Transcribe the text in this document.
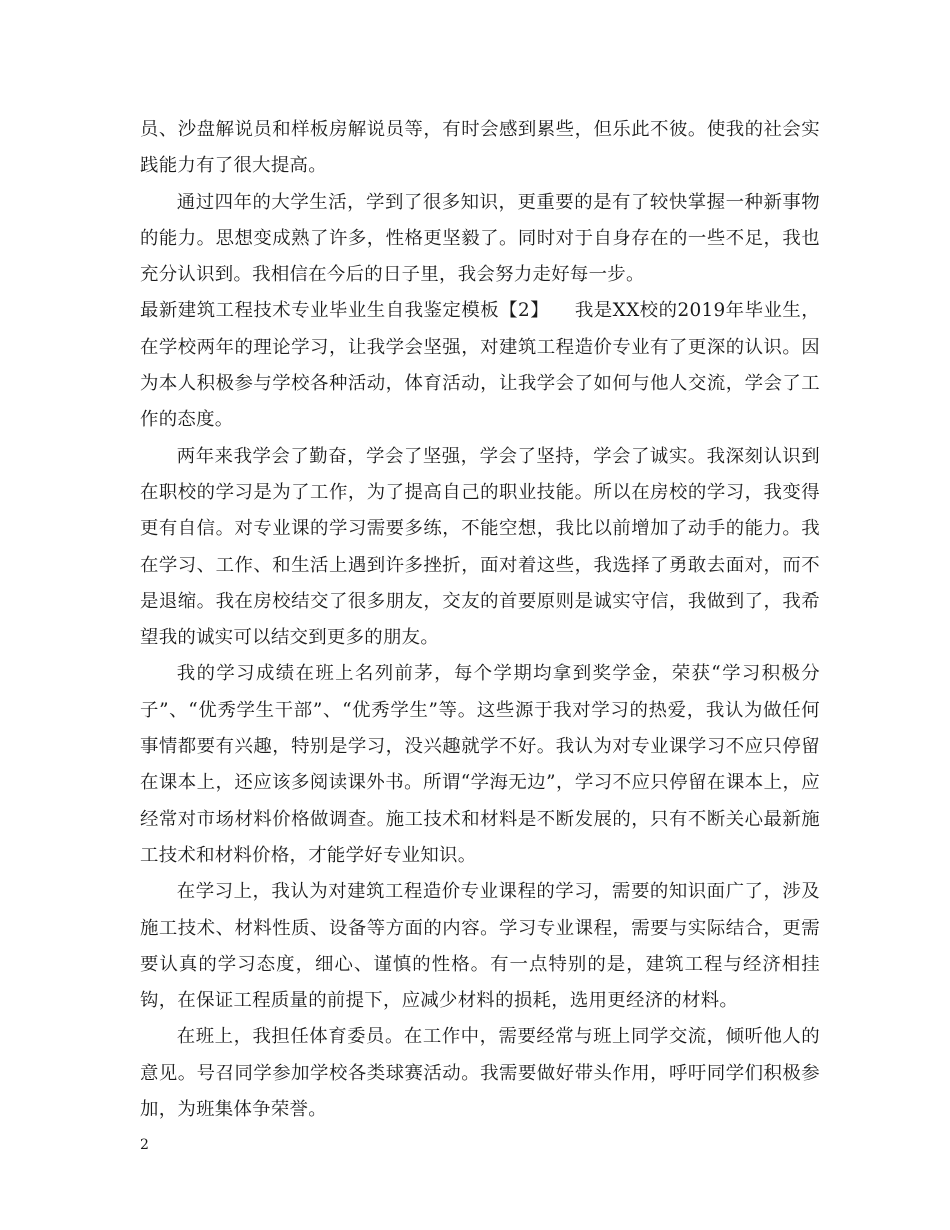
员、沙盘解说员和样板房解说员等，有时会感到累些，但乐此不彼。使我的社会实践能力有了很大提高。

通过四年的大学生活，学到了很多知识，更重要的是有了较快掌握一种新事物的能力。思想变成熟了许多，性格更坚毅了。同时对于自身存在的一些不足，我也充分认识到。我相信在今后的日子里，我会努力走好每一步。

最新建筑工程技术专业毕业生自我鉴定模板【2】 我是XX校的2019年毕业生，在学校两年的理论学习，让我学会坚强，对建筑工程造价专业有了更深的认识。因为本人积极参与学校各种活动，体育活动，让我学会了如何与他人交流，学会了工作的态度。

两年来我学会了勤奋，学会了坚强，学会了坚持，学会了诚实。我深刻认识到在职校的学习是为了工作，为了提高自己的职业技能。所以在房校的学习，我变得更有自信。对专业课的学习需要多练，不能空想，我比以前增加了动手的能力。我在学习、工作、和生活上遇到许多挫折，面对着这些，我选择了勇敢去面对，而不是退缩。我在房校结交了很多朋友，交友的首要原则是诚实守信，我做到了，我希望我的诚实可以结交到更多的朋友。

我的学习成绩在班上名列前茅，每个学期均拿到奖学金，荣获“学习积极分子”、“优秀学生干部”、“优秀学生”等。这些源于我对学习的热爱，我认为做任何事情都要有兴趣，特别是学习，没兴趣就学不好。我认为对专业课学习不应只停留在课本上，还应该多阅读课外书。所谓“学海无边”，学习不应只停留在课本上，应经常对市场材料价格做调查。施工技术和材料是不断发展的，只有不断关心最新施工技术和材料价格，才能学好专业知识。

在学习上，我认为对建筑工程造价专业课程的学习，需要的知识面广了，涉及施工技术、材料性质、设备等方面的内容。学习专业课程，需要与实际结合，更需要认真的学习态度，细心、谨慎的性格。有一点特别的是，建筑工程与经济相挂钩，在保证工程质量的前提下，应减少材料的损耗，选用更经济的材料。

在班上，我担任体育委员。在工作中，需要经常与班上同学交流，倾听他人的意见。号召同学参加学校各类球赛活动。我需要做好带头作用，呼吁同学们积极参加，为班集体争荣誉。

2
